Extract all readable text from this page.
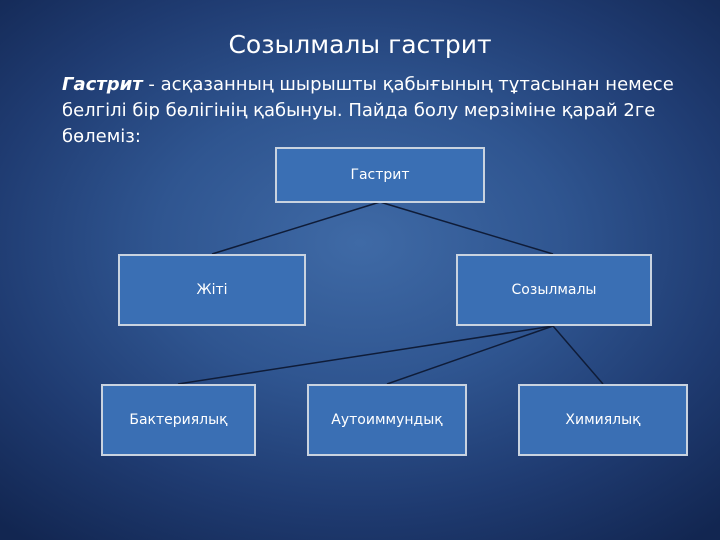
Созылмалы гастрит
Гастрит - асқазанның шырышты қабығының тұтасынан немесе белгілі бір бөлігінің қабынуы. Пайда болу мерзіміне қарай 2ге бөлеміз:
Гастрит
Жіті	Созылмалы
Бактериялық	Аутоиммундық	Химиялық
